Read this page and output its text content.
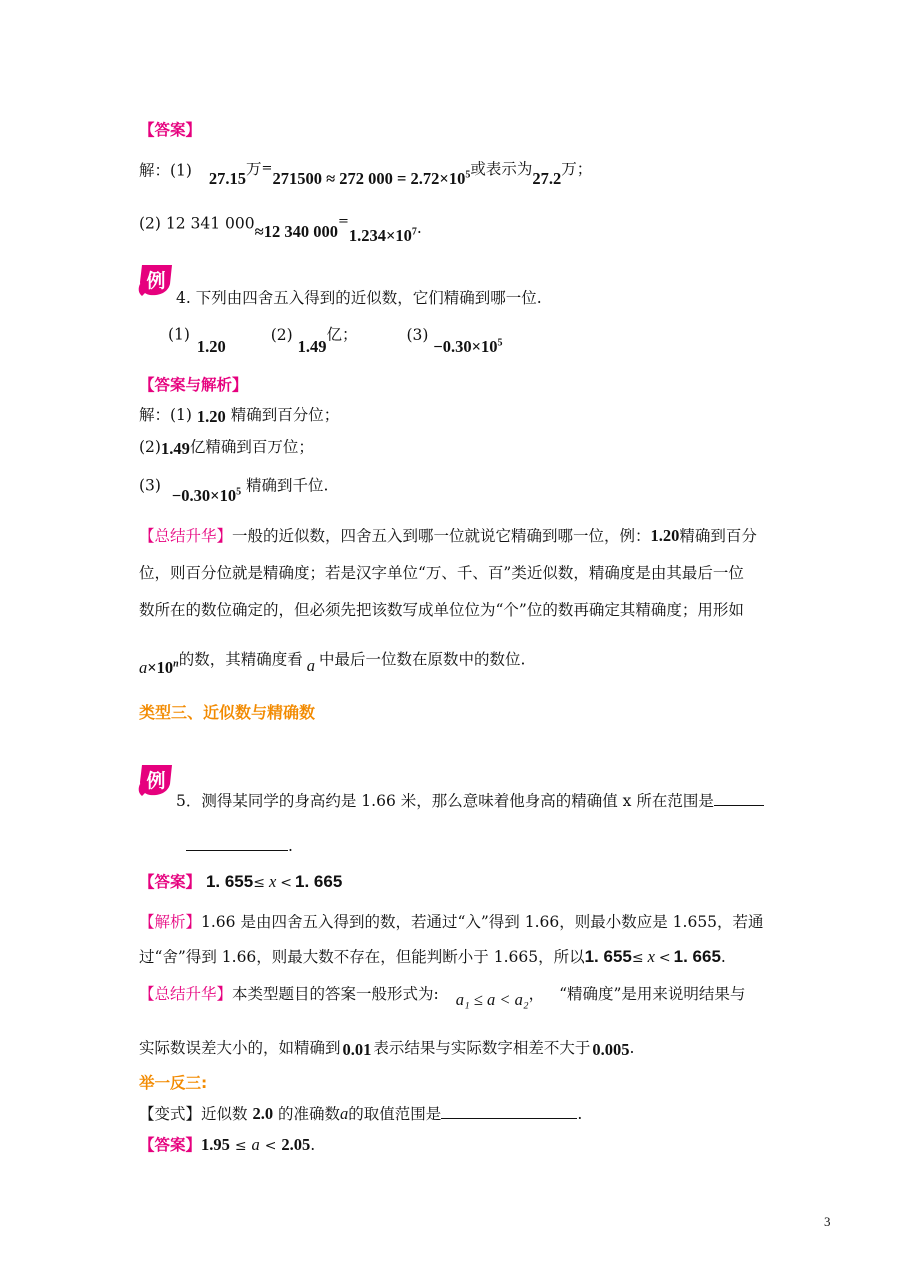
【答案】
解：(1) 27.15万=271500 ≈ 272 $000 = 2.72\times 10^5$或表示为27.2万；
(2) 12 341 000≈12 340 $000^=1.234\times 10^7$.
例
4. 下列由四舍五入得到的近似数，它们精确到哪一位.
(1) 1.20 (2) 1.49亿；	$(3) -0.30\times 10^5$
【答案与解析】
解：(1) 1.20 精确到百分位；
(2)1.49亿精确到百万位；
$(3) -0.30\times 10^5$ 精确到千位.
【总结升华】一般的近似数，四舍五入到哪一位就说它精确到哪一位，例：1.20精确到百分
位，则百分位就是精确度；若是汉字单位“万、千、百”类近似数，精确度是由其最后一位
数所在的数位确定的，但必须先把该数写成单位位为“个”位的数再确定其精确度；用形如
$a\times 10^n$的数，其精确度看 a 中最后一位数在原数中的数位.
类型三、近似数与精确数
例
5．测得某同学的身高约是 1.66 米，那么意味着他身高的精确值 x 所在范围是
.
【答案】 1. 655≤ x < 1. 665
【解析】1.66 是由四舍五入得到的数，若通过“入”得到 1.66，则最小数应是 1.655，若通
过“舍”得到 1.66，则最大数不存在，但能判断小于 1.665，所以1. 655≤ x < 1. 665.
【总结升华】本类型题目的答案一般形式为: a₁ ≤ a < a₂， “精确度”是用来说明结果与
实际数误差大小的，如精确到 0.01 表示结果与实际数字相差不大于 0.005.
举一反三:
【变式】近似数 2.0 的准确数a的取值范围是	.
【答案】1.95 ≤ a < 2.05.
3
